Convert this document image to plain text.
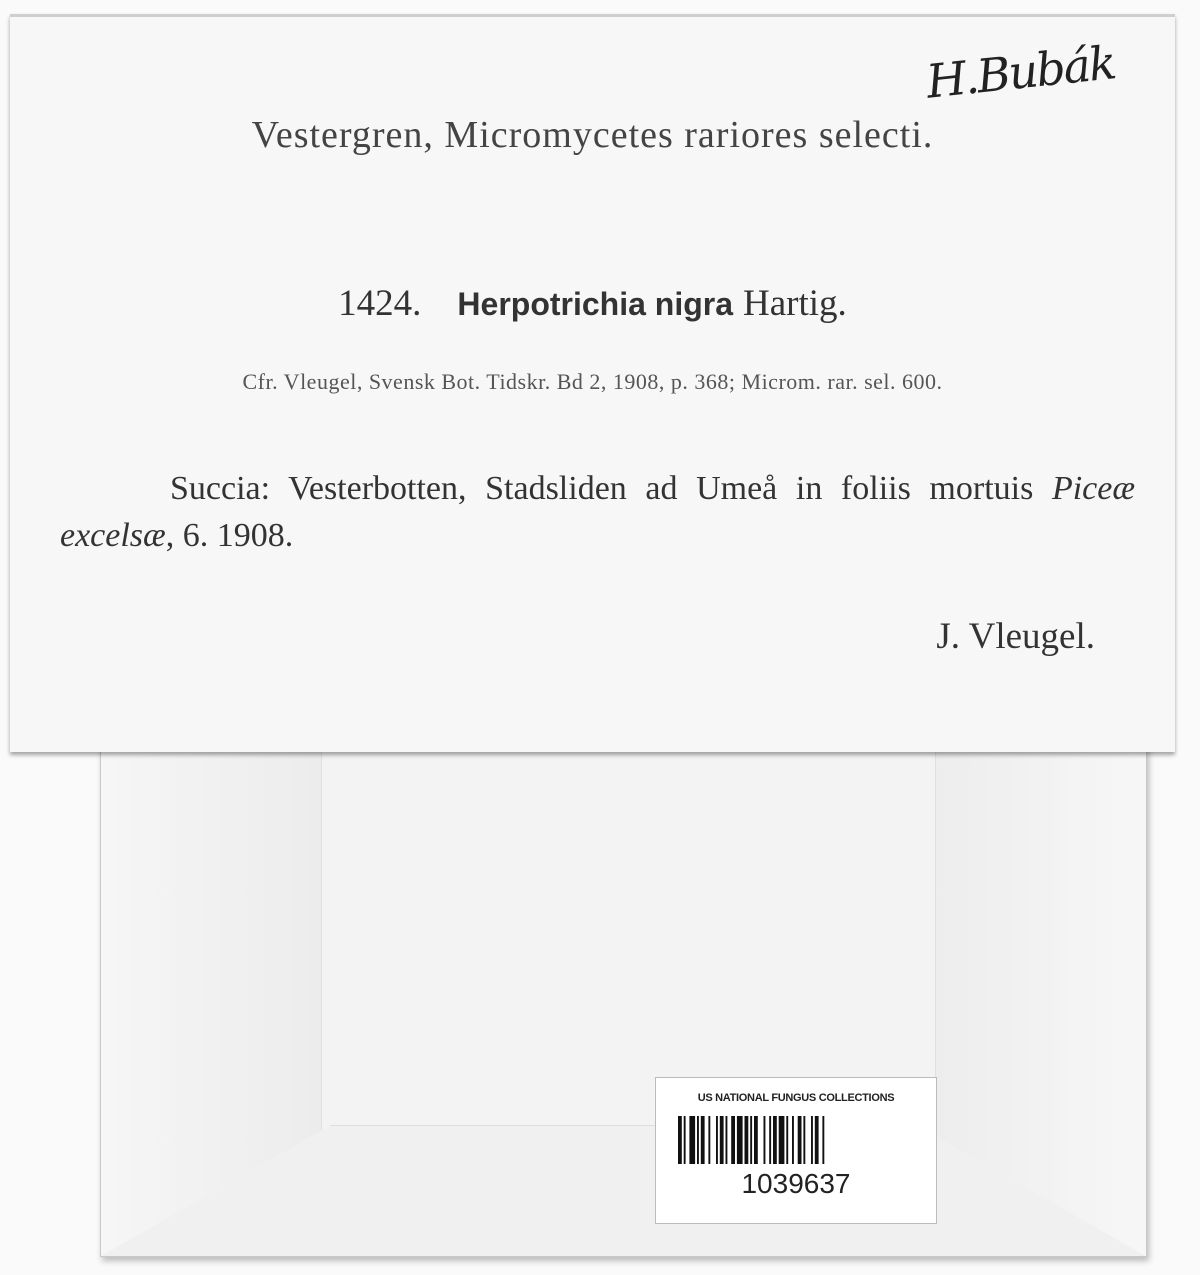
H.Bubák
Vestergren, Micromycetes rariores selecti.
1424. Herpotrichia nigra Hartig.
Cfr. Vleugel, Svensk Bot. Tidskr. Bd 2, 1908, p. 368; Microm. rar. sel. 600.
Succia: Vesterbotten, Stadsliden ad Umeå in foliis mortuis Piceæ excelsæ, 6. 1908.
J. Vleugel.
US NATIONAL FUNGUS COLLECTIONS
1039637
